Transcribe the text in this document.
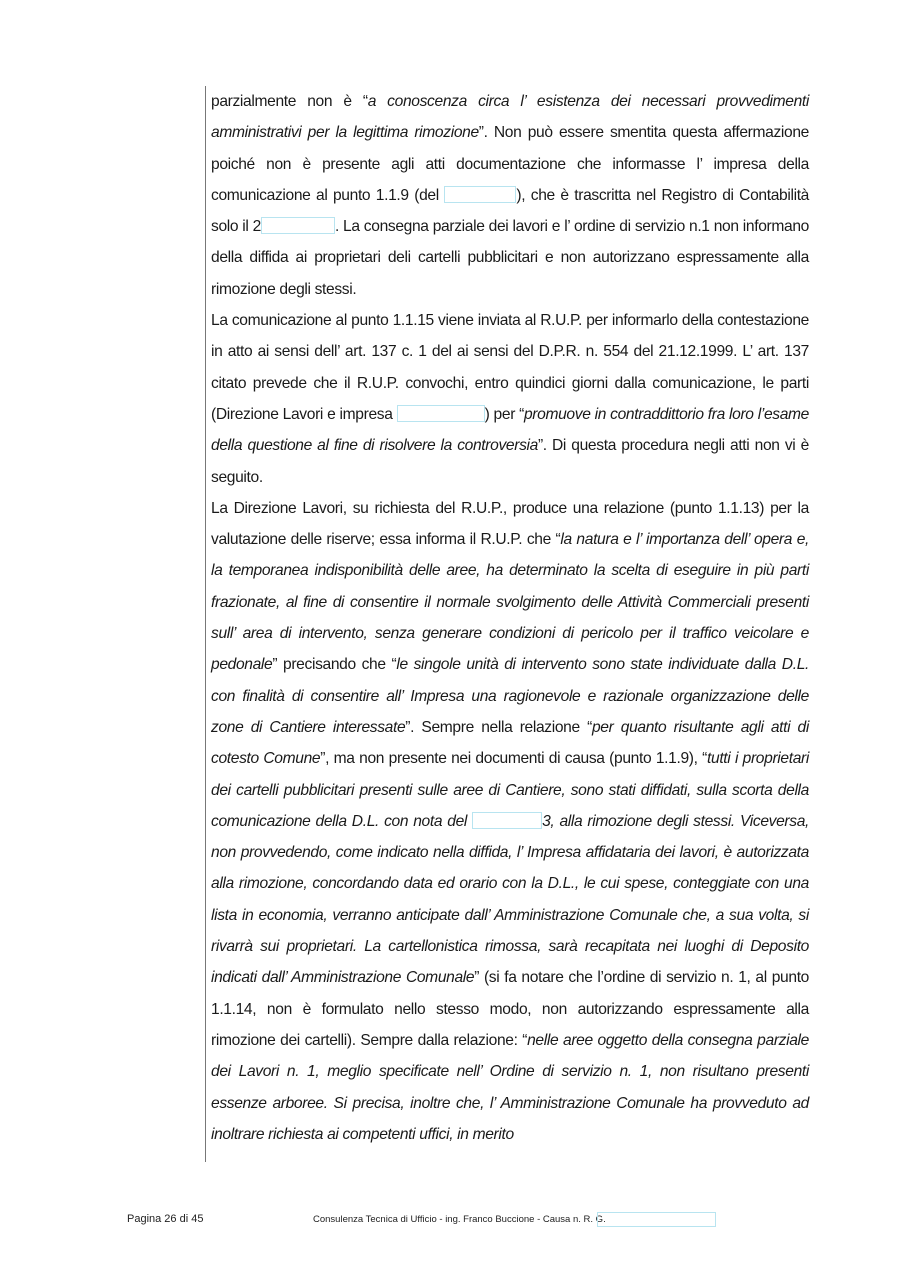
parzialmente non è “a conoscenza circa l’ esistenza dei necessari provvedimenti amministrativi per la legittima rimozione”. Non può essere smentita questa affermazione poiché non è presente agli atti documentazione che informasse l’ impresa della comunicazione al punto 1.1.9 (del	), che è trascritta nel Registro di Contabilità solo il 2	. La consegna parziale dei lavori e l’ ordine di servizio n.1 non informano della diffida ai proprietari deli cartelli pubblicitari e non autorizzano espressamente alla rimozione degli stessi.

La comunicazione al punto 1.1.15 viene inviata al R.U.P. per informarlo della contestazione in atto ai sensi dell’ art. 137 c. 1 del ai sensi del D.P.R. n. 554 del 21.12.1999. L’ art. 137 citato prevede che il R.U.P. convochi, entro quindici giorni dalla comunicazione, le parti (Direzione Lavori e impresa	) per “promuove in contraddittorio fra loro l’esame della questione al fine di risolvere la controversia”. Di questa procedura negli atti non vi è seguito.

La Direzione Lavori, su richiesta del R.U.P., produce una relazione (punto 1.1.13) per la valutazione delle riserve; essa informa il R.U.P. che “la natura e l’ importanza dell’ opera e, la temporanea indisponibilità delle aree, ha determinato la scelta di eseguire in più parti frazionate, al fine di consentire il normale svolgimento delle Attività Commerciali presenti sull’ area di intervento, senza generare condizioni di pericolo per il traffico veicolare e pedonale” precisando che “le singole unità di intervento sono state individuate dalla D.L. con finalità di consentire all’ Impresa una ragionevole e razionale organizzazione delle zone di Cantiere interessate”. Sempre nella relazione “per quanto risultante agli atti di cotesto Comune”, ma non presente nei documenti di causa (punto 1.1.9), “tutti i proprietari dei cartelli pubblicitari presenti sulle aree di Cantiere, sono stati diffidati, sulla scorta della comunicazione della D.L. con nota del	3, alla rimozione degli stessi. Viceversa, non provvedendo, come indicato nella diffida, l’ Impresa affidataria dei lavori, è autorizzata alla rimozione, concordando data ed orario con la D.L., le cui spese, conteggiate con una lista in economia, verranno anticipate dall’ Amministrazione Comunale che, a sua volta, si rivarrà sui proprietari. La cartellonistica rimossa, sarà recapitata nei luoghi di Deposito indicati dall’ Amministrazione Comunale” (si fa notare che l’ordine di servizio n. 1, al punto 1.1.14, non è formulato nello stesso modo, non autorizzando espressamente alla rimozione dei cartelli). Sempre dalla relazione: “nelle aree oggetto della consegna parziale dei Lavori n. 1, meglio specificate nell’ Ordine di servizio n. 1, non risultano presenti essenze arboree. Si precisa, inoltre che, l’ Amministrazione Comunale ha provveduto ad inoltrare richiesta ai competenti uffici, in merito

Pagina 26 di 45	Consulenza Tecnica di Ufficio - ing. Franco Buccione - Causa n. R. G.
